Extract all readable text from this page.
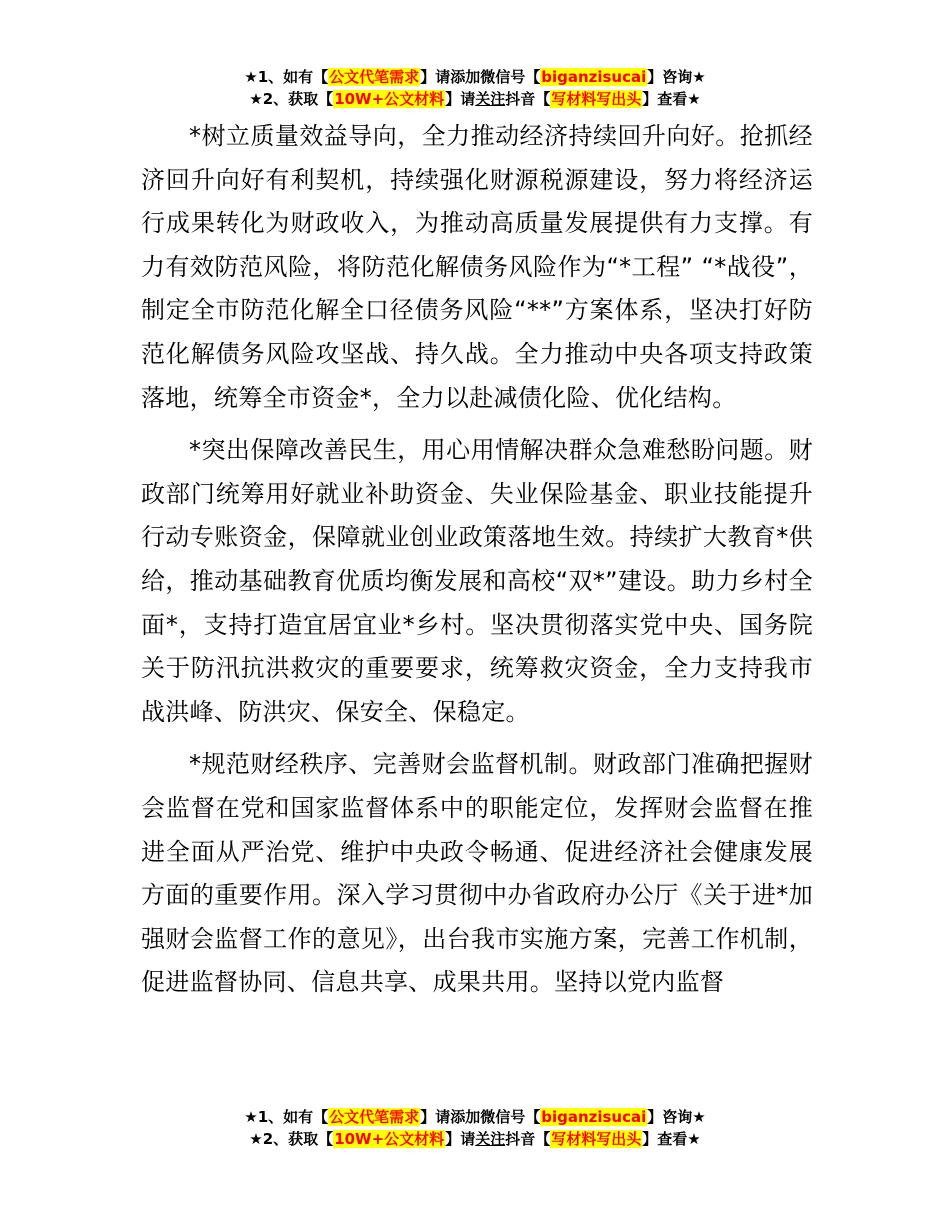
★1、如有【公文代笔需求】请添加微信号【biganzisucai】咨询★
★2、获取【10W+公文材料】请关注抖音【写材料写出头】查看★

*树立质量效益导向，全力推动经济持续回升向好。抢抓经济回升向好有利契机，持续强化财源税源建设，努力将经济运行成果转化为财政收入，为推动高质量发展提供有力支撑。有力有效防范风险，将防范化解债务风险作为“*工程” “*战役”，制定全市防范化解全口径债务风险“**”方案体系，坚决打好防范化解债务风险攻坚战、持久战。全力推动中央各项支持政策落地，统筹全市资金*，全力以赴减债化险、优化结构。

*突出保障改善民生，用心用情解决群众急难愁盼问题。财政部门统筹用好就业补助资金、失业保险基金、职业技能提升行动专账资金，保障就业创业政策落地生效。持续扩大教育*供给，推动基础教育优质均衡发展和高校“双*”建设。助力乡村全面*，支持打造宜居宜业*乡村。坚决贯彻落实党中央、国务院关于防汛抗洪救灾的重要要求，统筹救灾资金，全力支持我市战洪峰、防洪灾、保安全、保稳定。

*规范财经秩序、完善财会监督机制。财政部门准确把握财会监督在党和国家监督体系中的职能定位，发挥财会监督在推进全面从严治党、维护中央政令畅通、促进经济社会健康发展方面的重要作用。深入学习贯彻中办省政府办公厅《关于进*加强财会监督工作的意见》，出台我市实施方案，完善工作机制，促进监督协同、信息共享、成果共用。坚持以党内监督

★1、如有【公文代笔需求】请添加微信号【biganzisucai】咨询★
★2、获取【10W+公文材料】请关注抖音【写材料写出头】查看★
